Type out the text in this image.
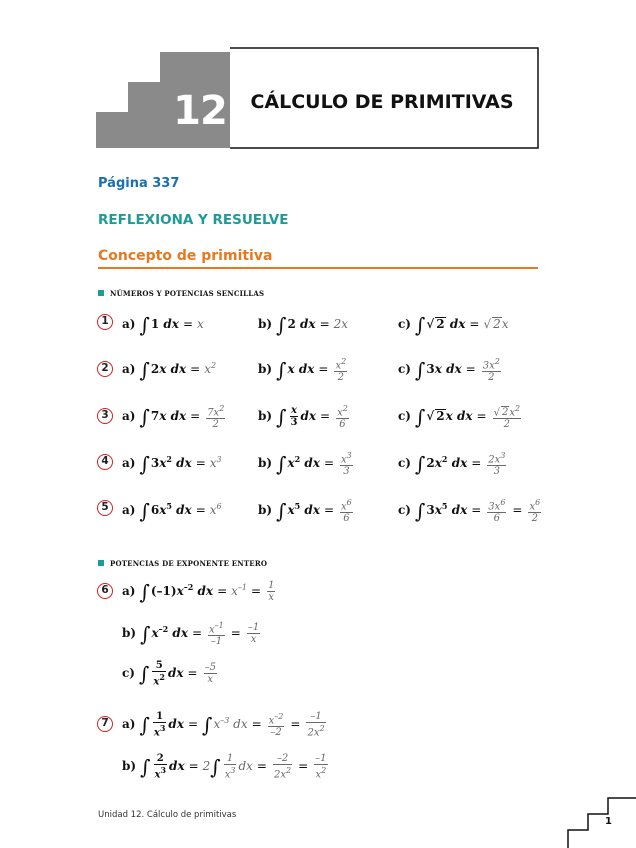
12	CÁLCULO DE PRIMITIVAS
Página 337
REFLEXIONA Y RESUELVE
Concepto de primitiva
NÚMEROS Y POTENCIAS SENCILLAS
1	a) ∫1 dx = x	b) ∫2 dx = 2x	c) ∫√ 2 dx = √ 2x
2	a) ∫2x dx = $x^2$	b) ∫x dx = $\frac{x^2}{2}$	c) ∫3x dx = $\frac{3x^2}{2}$
3	a) ∫7x dx = $\frac{7x^2}{2}$	b) ∫ $\frac{x}{3}$ dx = $\frac{x^2}{6}$	c) ∫√ 2x dx = $\frac{√ 2x^2}{2}$
4	a) $\int 3x^2$ dx = $x^3$	b) $\int x^2$ dx = $\frac{x^3}{3}$	c) $\int 2x^2$ dx = $\frac{2x^3}{3}$
5	a) $\int 6x^5$ dx = $x^6$	b) $\int x^5$ dx = $\frac{x^6}{6}$	c) $\int 3x^5$ dx = $\frac{3x^6}{6} = \frac{x^6}{2}$
POTENCIAS DE EXPONENTE ENTERO
6	a) $\int(-1)x^{-2}$ dx = $x^{-1} = \frac{1}{x}$
b) $\int x^{-2}$ dx = $\frac{x^{-1}}{-1} = \frac{-1}{x}$
c) ∫ $\frac{5}{x^2}$ dx = $\frac{-5}{x}$
7	a) ∫ $\frac{1}{x^3}$ dx = $\int x^{-3}$ dx = $\frac{x^{-2}}{-2} = \frac{-1}{2x^2}$
b) ∫ $\frac{2}{x^3}$ dx = $2\int \frac{1}{x^3}$ dx = $\frac{-2}{2x^2} = \frac{-1}{x^2}$
Unidad 12. Cálculo de primitivas
1
